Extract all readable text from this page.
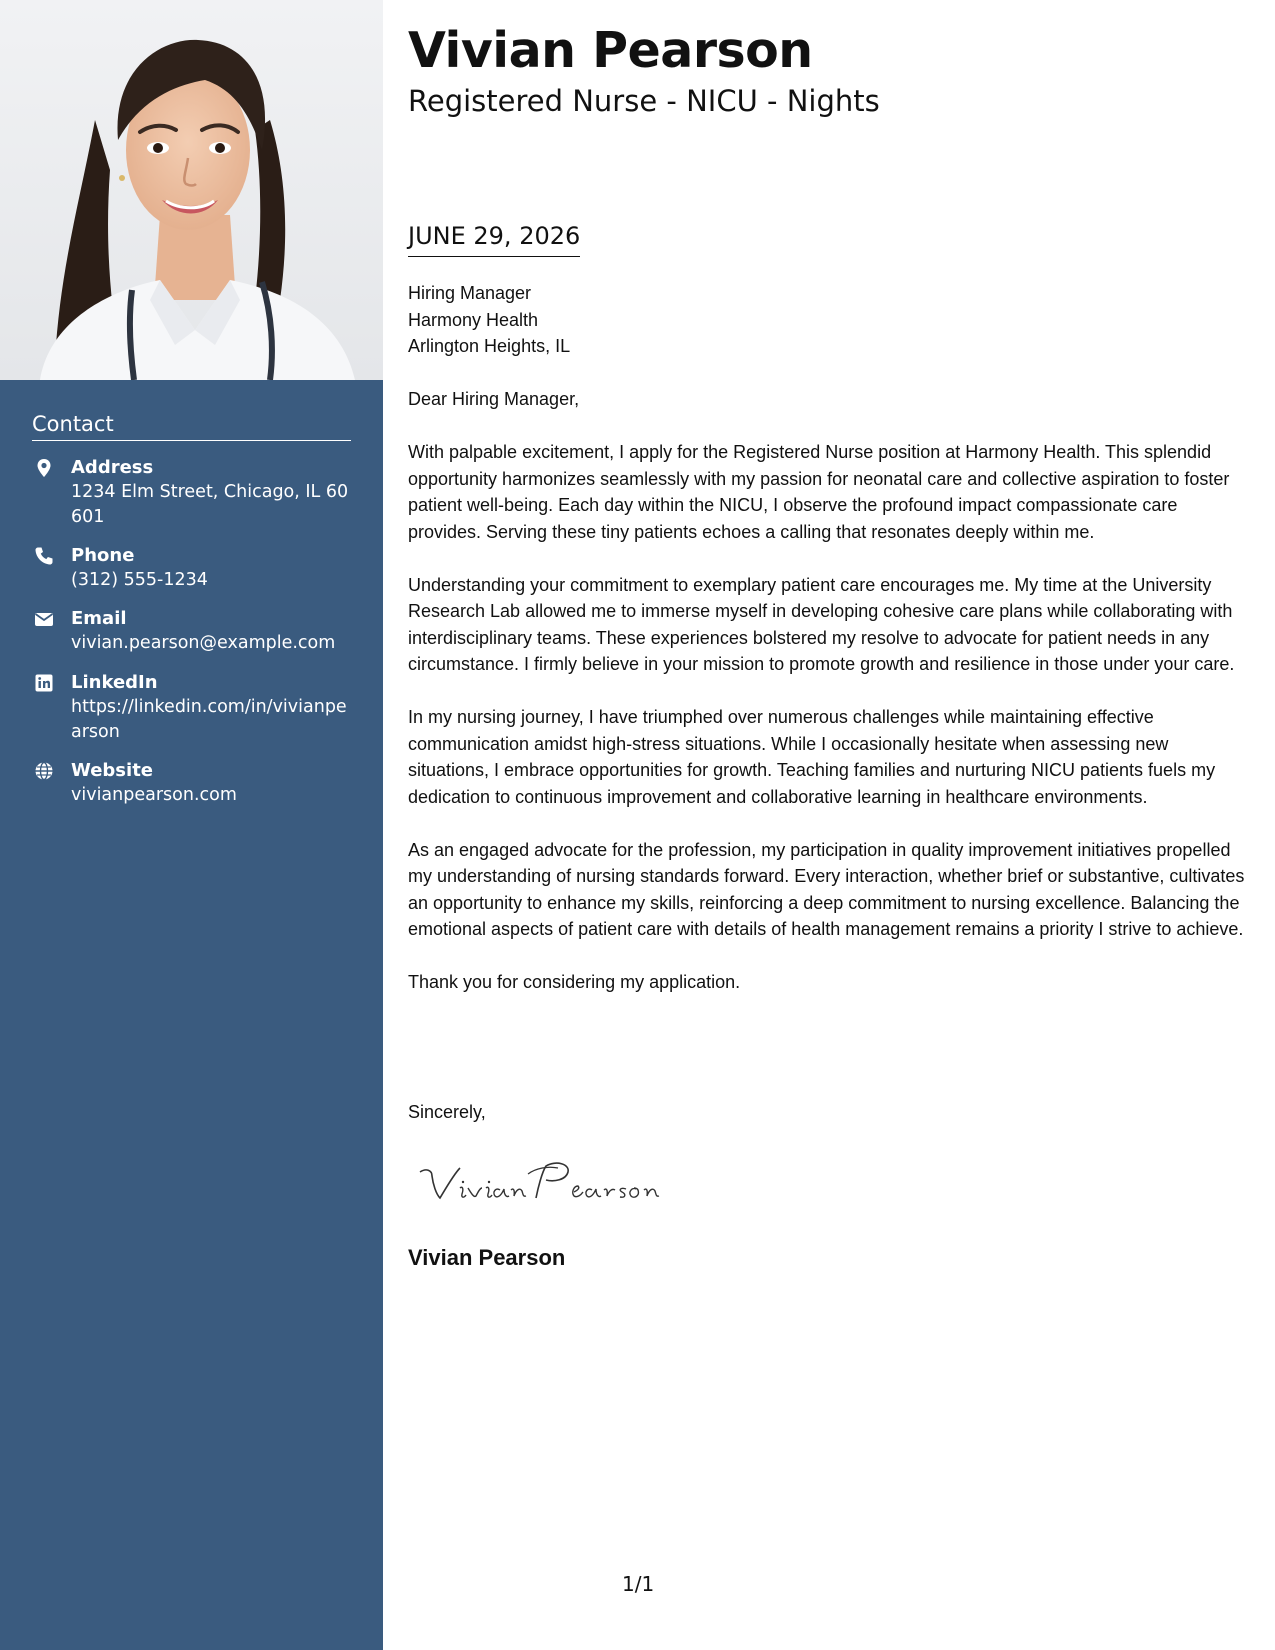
Contact
Address
1234 Elm Street, Chicago, IL 60601
Phone
(312) 555-1234
Email
vivian.pearson@example.com
LinkedIn
https://linkedin.com/in/vivianpearson
Website
vivianpearson.com
Vivian Pearson
Registered Nurse - NICU - Nights
JUNE 29, 2026
Hiring Manager
Harmony Health
Arlington Heights, IL

Dear Hiring Manager,

With palpable excitement, I apply for the Registered Nurse position at Harmony Health. This splendid opportunity harmonizes seamlessly with my passion for neonatal care and collective aspiration to foster patient well-being. Each day within the NICU, I observe the profound impact compassionate care provides. Serving these tiny patients echoes a calling that resonates deeply within me.

Understanding your commitment to exemplary patient care encourages me. My time at the University Research Lab allowed me to immerse myself in developing cohesive care plans while collaborating with interdisciplinary teams. These experiences bolstered my resolve to advocate for patient needs in any circumstance. I firmly believe in your mission to promote growth and resilience in those under your care.

In my nursing journey, I have triumphed over numerous challenges while maintaining effective communication amidst high-stress situations. While I occasionally hesitate when assessing new situations, I embrace opportunities for growth. Teaching families and nurturing NICU patients fuels my dedication to continuous improvement and collaborative learning in healthcare environments.

As an engaged advocate for the profession, my participation in quality improvement initiatives propelled my understanding of nursing standards forward. Every interaction, whether brief or substantive, cultivates an opportunity to enhance my skills, reinforcing a deep commitment to nursing excellence. Balancing the emotional aspects of patient care with details of health management remains a priority I strive to achieve.

Thank you for considering my application.

Sincerely,
Vivian Pearson
1/1
